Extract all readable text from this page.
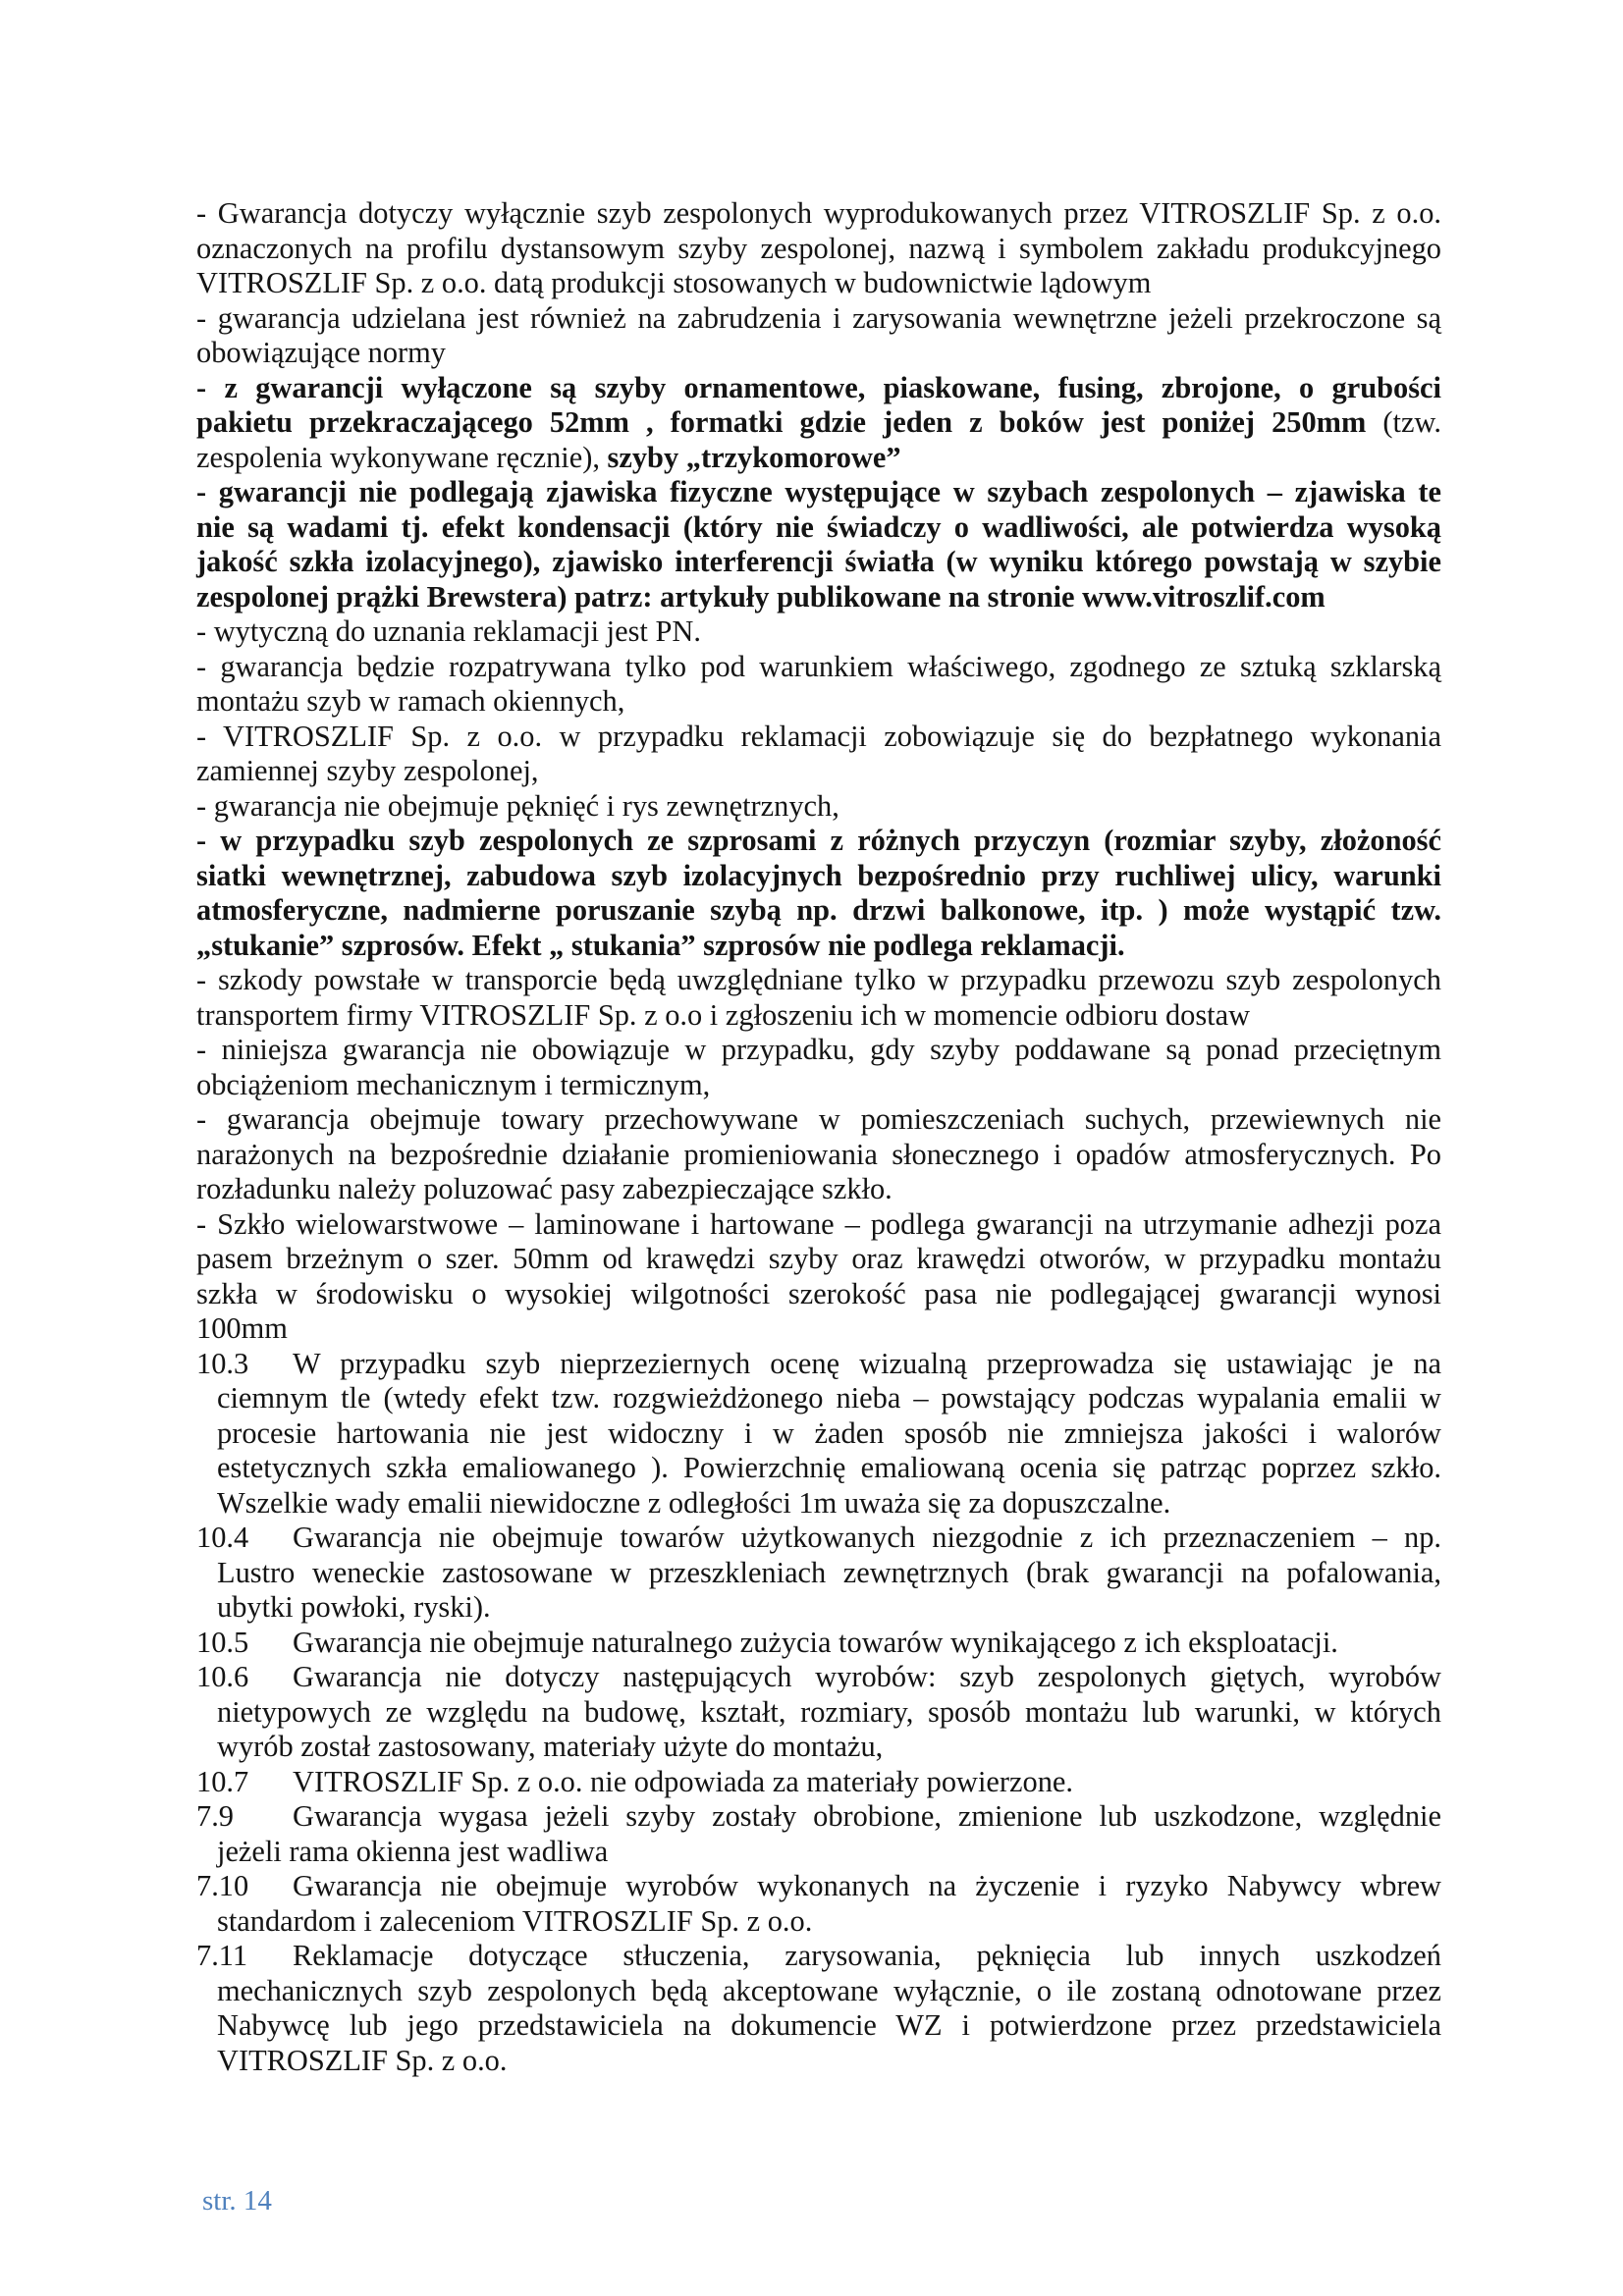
- Gwarancja dotyczy wyłącznie szyb zespolonych wyprodukowanych przez VITROSZLIF Sp. z o.o.
oznaczonych na profilu dystansowym szyby zespolonej, nazwą i symbolem zakładu produkcyjnego
VITROSZLIF Sp. z o.o. datą produkcji stosowanych w budownictwie lądowym
- gwarancja udzielana jest również na zabrudzenia i zarysowania wewnętrzne jeżeli przekroczone są
obowiązujące normy
- z gwarancji wyłączone są szyby ornamentowe, piaskowane, fusing, zbrojone, o grubości
pakietu przekraczającego 52mm , formatki gdzie jeden z boków jest poniżej 250mm (tzw.
zespolenia wykonywane ręcznie), szyby „trzykomorowe”
- gwarancji nie podlegają zjawiska fizyczne występujące w szybach zespolonych – zjawiska te
nie są wadami tj. efekt kondensacji (który nie świadczy o wadliwości, ale potwierdza wysoką
jakość szkła izolacyjnego), zjawisko interferencji światła (w wyniku którego powstają w szybie
zespolonej prążki Brewstera) patrz: artykuły publikowane na stronie www.vitroszlif.com
- wytyczną do uznania reklamacji jest PN.
- gwarancja będzie rozpatrywana tylko pod warunkiem właściwego, zgodnego ze sztuką szklarską
montażu szyb w ramach okiennych,
- VITROSZLIF Sp. z o.o. w przypadku reklamacji zobowiązuje się do bezpłatnego wykonania
zamiennej szyby zespolonej,
- gwarancja nie obejmuje pęknięć i rys zewnętrznych,
- w przypadku szyb zespolonych ze szprosami z różnych przyczyn (rozmiar szyby, złożoność
siatki wewnętrznej, zabudowa szyb izolacyjnych bezpośrednio przy ruchliwej ulicy, warunki
atmosferyczne, nadmierne poruszanie szybą np. drzwi balkonowe, itp. ) może wystąpić tzw.
„stukanie” szprosów. Efekt „ stukania” szprosów nie podlega reklamacji.
- szkody powstałe w transporcie będą uwzględniane tylko w przypadku przewozu szyb zespolonych
transportem firmy VITROSZLIF Sp. z o.o i zgłoszeniu ich w momencie odbioru dostaw
- niniejsza gwarancja nie obowiązuje w przypadku, gdy szyby poddawane są ponad przeciętnym
obciążeniom mechanicznym i termicznym,
- gwarancja obejmuje towary przechowywane w pomieszczeniach suchych, przewiewnych nie
narażonych na bezpośrednie działanie promieniowania słonecznego i opadów atmosferycznych. Po
rozładunku należy poluzować pasy zabezpieczające szkło.
- Szkło wielowarstwowe – laminowane i hartowane – podlega gwarancji na utrzymanie adhezji poza
pasem brzeżnym o szer. 50mm od krawędzi szyby oraz krawędzi otworów, w przypadku montażu
szkła w środowisku o wysokiej wilgotności szerokość pasa nie podlegającej gwarancji wynosi
100mm
10.3 W przypadku szyb nieprzeziernych ocenę wizualną przeprowadza się ustawiając je na
ciemnym tle (wtedy efekt tzw. rozgwieżdżonego nieba – powstający podczas wypalania emalii w
procesie hartowania nie jest widoczny i w żaden sposób nie zmniejsza jakości i walorów
estetycznych szkła emaliowanego ). Powierzchnię emaliowaną ocenia się patrząc poprzez szkło.
Wszelkie wady emalii niewidoczne z odległości 1m uważa się za dopuszczalne.
10.4 Gwarancja nie obejmuje towarów użytkowanych niezgodnie z ich przeznaczeniem – np.
Lustro weneckie zastosowane w przeszkleniach zewnętrznych (brak gwarancji na pofalowania,
ubytki powłoki, ryski).
10.5 Gwarancja nie obejmuje naturalnego zużycia towarów wynikającego z ich eksploatacji.
10.6 Gwarancja nie dotyczy następujących wyrobów: szyb zespolonych giętych, wyrobów
nietypowych ze względu na budowę, kształt, rozmiary, sposób montażu lub warunki, w których
wyrób został zastosowany, materiały użyte do montażu,
10.7 VITROSZLIF Sp. z o.o. nie odpowiada za materiały powierzone.
7.9 Gwarancja wygasa jeżeli szyby zostały obrobione, zmienione lub uszkodzone, względnie
jeżeli rama okienna jest wadliwa
7.10 Gwarancja nie obejmuje wyrobów wykonanych na życzenie i ryzyko Nabywcy wbrew
standardom i zaleceniom VITROSZLIF Sp. z o.o.
7.11 Reklamacje dotyczące stłuczenia, zarysowania, pęknięcia lub innych uszkodzeń
mechanicznych szyb zespolonych będą akceptowane wyłącznie, o ile zostaną odnotowane przez
Nabywcę lub jego przedstawiciela na dokumencie WZ i potwierdzone przez przedstawiciela
VITROSZLIF Sp. z o.o.
str. 14
